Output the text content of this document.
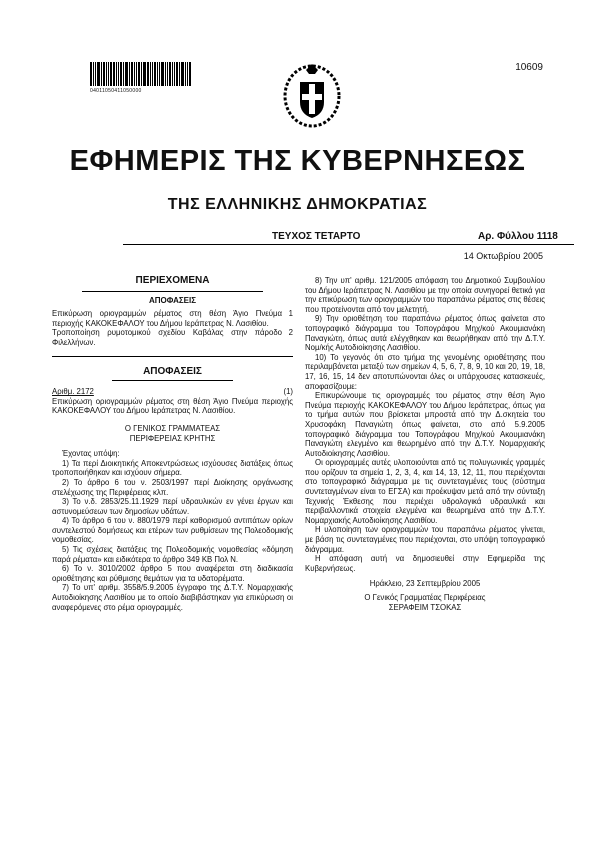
04011050411050000
10609
ΕΦΗΜΕΡΙΣ ΤΗΣ ΚΥΒΕΡΝΗΣΕΩΣ
ΤΗΣ ΕΛΛΗΝΙΚΗΣ ΔΗΜΟΚΡΑΤΙΑΣ
ΤΕΥΧΟΣ ΤΕΤΑΡΤΟ	Αρ. Φύλλου 1118
14 Οκτωβρίου 2005
ΠΕΡΙΕΧΟΜΕΝΑ
ΑΠΟΦΑΣΕΙΣ
Επικύρωση οριογραμμών ρέματος στη θέση Άγιο Πνεύμα περιοχής ΚΑΚΟΚΕΦΑΛΟΥ του Δήμου Ιεράπετρας Ν. Λασιθίου.
1
Τροποποίηση ρυμοτομικού σχεδίου Καβάλας στην πάροδο Φιλελλήνων.
2
ΑΠΟΦΑΣΕΙΣ
Αριθμ. 2172	(1)

Επικύρωση οριογραμμών ρέματος στη θέση Άγιο Πνεύμα περιοχής ΚΑΚΟΚΕΦΑΛΟΥ του Δήμου Ιεράπετρας Ν. Λασιθίου.

Ο ΓΕΝΙΚΟΣ ΓΡΑΜΜΑΤΕΑΣ

ΠΕΡΙΦΕΡΕΙΑΣ ΚΡΗΤΗΣ

Έχοντας υπόψη:

1) Τα περί Διοικητικής Αποκεντρώσεως ισχύουσες διατάξεις όπως τροποποιήθηκαν και ισχύουν σήμερα.

2) Το άρθρο 6 του ν. 2503/1997 περί Διοίκησης οργάνωσης στελέχωσης της Περιφέρειας κλπ.

3) Το ν.δ. 2853/25.11.1929 περί υδραυλικών εν γένει έργων και αστυνομεύσεων των δημοσίων υδάτων.

4) Το άρθρο 6 του ν. 880/1979 περί καθορισμού αντιπάτων ορίων συντελεστού δομήσεως και ετέρων των ρυθμίσεων της Πολεοδομικής νομοθεσίας.

5) Τις σχέσεις διατάξεις της Πολεοδομικής νομοθεσίας «δόμηση παρά ρέματα» και ειδικότερα το άρθρο 349 ΚΒ Πολ Ν.

6) Το ν. 3010/2002 άρθρο 5 που αναφέρεται στη διαδικασία οριοθέτησης και ρύθμισης θεμάτων για τα υδατορέματα.

7) Το υπ' αριθμ. 3558/5.9.2005 έγγραφο της Δ.Τ.Υ. Νομαρχιακής Αυτοδιοίκησης Λασιθίου με το οποίο διαβιβάστηκαν για επικύρωση οι αναφερόμενες στο ρέμα οριογραμμές.

8) Την υπ' αριθμ. 121/2005 απόφαση του Δημοτικού Συμβουλίου του Δήμου Ιεράπετρας Ν. Λασιθίου με την οποία συνηγορεί θετικά για την επικύρωση των οριογραμμών του παραπάνω ρέματος στις θέσεις που προτείνονται από τον μελετητή.

9) Την οριοθέτηση του παραπάνω ρέματος όπως φαίνεται στο τοπογραφικό διάγραμμα του Τοπογράφου Μηχ/κού Ακουμιανάκη Παναγιώτη, όπως αυτά ελέγχθηκαν και θεωρήθηκαν από την Δ.Τ.Υ. Νομ/κής Αυτοδιοίκησης Λασιθίου.

10) Το γεγονός ότι στο τμήμα της γενομένης οριοθέτησης που περιλαμβάνεται μεταξύ των σημείων 4, 5, 6, 7, 8, 9, 10 και 20, 19, 18, 17, 16, 15, 14 δεν αποτυπώνονται όλες οι υπάρχουσες κατασκευές, αποφασίζουμε:

Επικυρώνουμε τις οριογραμμές του ρέματος στην θέση Άγιο Πνεύμα περιοχής ΚΑΚΟΚΕΦΑΛΟΥ του Δήμου Ιεράπετρας, όπως για το τμήμα αυτών που βρίσκεται μπροστά από την Δ.σκητεία του Χρυσοφάκη Παναγιώτη όπως φαίνεται, στο από 5.9.2005 τοπογραφικό διάγραμμα του Τοπογράφου Μηχ/κού Ακουμιανάκη Παναγιώτη ελεγμένο και θεωρημένο από την Δ.Τ.Υ. Νομαρχιακής Αυτοδιοίκησης Λασιθίου.

Οι οριογραμμές αυτές υλοποιούνται από τις πολυγωνικές γραμμές που ορίζουν τα σημεία 1, 2, 3, 4, και 14, 13, 12, 11, που περιέχονται στο τοπογραφικό διάγραμμα με τις συντεταγμένες τους (σύστημα συντεταγμένων είναι το ΕΓΣΑ) και προέκυψαν μετά από την σύνταξη Τεχνικής Έκθεσης που περιέχει υδρολογικά υδραυλικά και περιβαλλοντικά στοιχεία ελεγμένα και θεωρημένα από την Δ.Τ.Υ. Νομαρχιακής Αυτοδιοίκησης Λασιθίου.

Η υλοποίηση των οριογραμμών του παραπάνω ρέματος γίνεται, με βάση τις συντεταγμένες που περιέχονται, στο υπόψη τοπογραφικό διάγραμμα.

Η απόφαση αυτή να δημοσιευθεί στην Εφημερίδα της Κυβερνήσεως.

Ηράκλειο, 23 Σεπτεμβρίου 2005

Ο Γενικός Γραμματέας Περιφέρειας

ΣΕΡΑΦΕΙΜ ΤΣΟΚΑΣ
